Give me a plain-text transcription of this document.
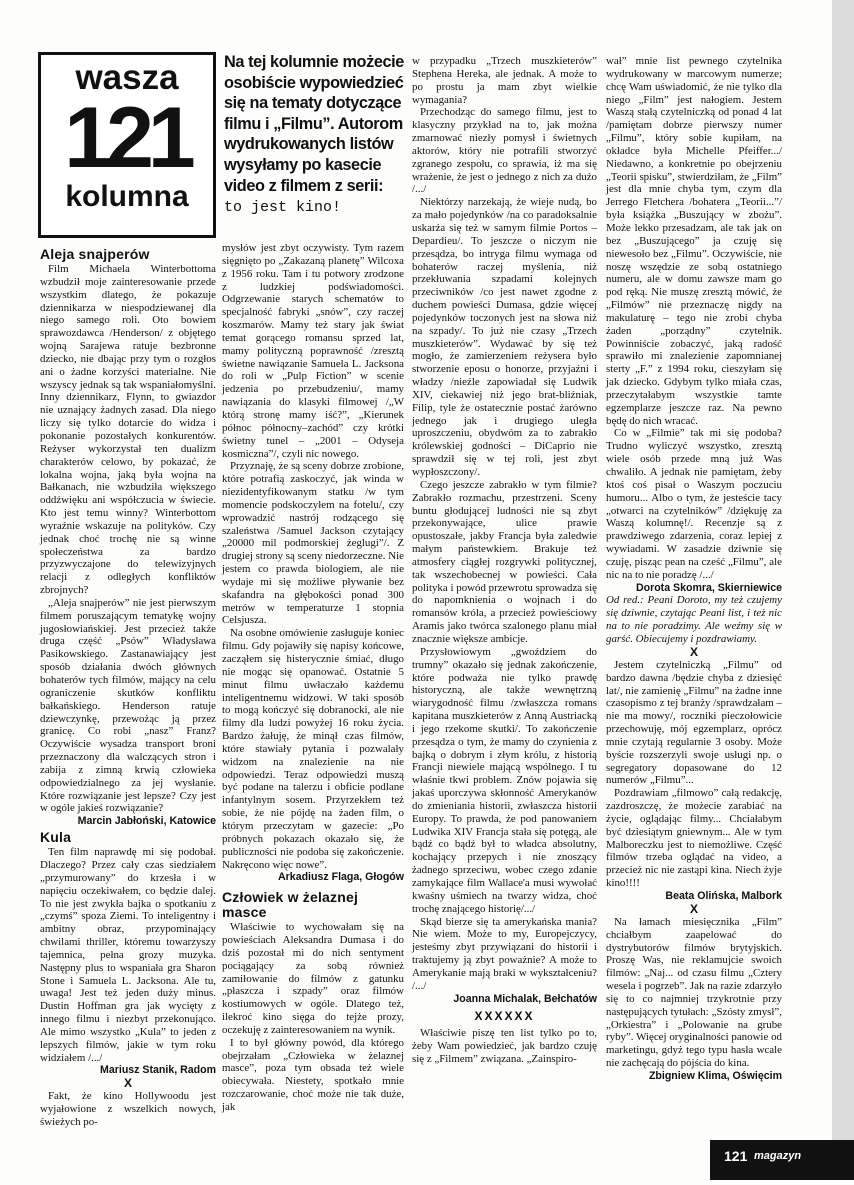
wasza
121
kolumna
Na tej kolumnie możecie osobiście wypowiedzieć się na tematy dotyczące filmu i „Filmu”. Autorom wydrukowanych listów wysyłamy po kasecie video z filmem z serii:
to jest kino!
Aleja snajperów

Film Michaela Winterbottoma wzbudził moje zainteresowanie przede wszystkim dlatego, że pokazuje dziennikarza w niespodziewanej dla niego samego roli. Oto bowiem sprawozdawca /Henderson/ z objętego wojną Sarajewa ratuje bezbronne dziecko, nie dbając przy tym o rozgłos ani o żadne korzyści materialne. Nie wszyscy jednak są tak wspaniałomyślni. Inny dziennikarz, Flynn, to gwiazdor nie uznający żadnych zasad. Dla niego liczy się tylko dotarcie do widza i pokonanie pozostałych konkurentów. Reżyser wykorzystał ten dualizm charakterów celowo, by pokazać, że lokalna wojna, jaką była wojna na Bałkanach, nie wzbudziła większego oddźwięku ani współczucia w świecie. Kto jest temu winny? Winterbottom wyraźnie wskazuje na polityków. Czy jednak choć trochę nie są winne społeczeństwa za bardzo przyzwyczajone do telewizyjnych relacji z odległych konfliktów zbrojnych?

„Aleja snajperów” nie jest pierwszym filmem poruszającym tematykę wojny jugosłowiańskiej. Jest przecież także druga część „Psów” Władysława Pasikowskiego. Zastanawiający jest sposób działania dwóch głównych bohaterów tych filmów, mający na celu ograniczenie skutków konfliktu bałkańskiego. Henderson ratuje dziewczynkę, przewożąc ją przez granicę. Co robi „nasz” Franz? Oczywiście wysadza transport broni przeznaczony dla walczących stron i zabija z zimną krwią człowieka odpowiedzialnego za jej wysłanie. Które rozwiązanie jest lepsze? Czy jest w ogóle jakieś rozwiązanie?

Marcin Jabłoński, Katowice

Kula

Ten film naprawdę mi się podobał. Dlaczego? Przez cały czas siedziałem „przymurowany” do krzesła i w napięciu oczekiwałem, co będzie dalej. To nie jest zwykła bajka o spotkaniu z „czymś” spoza Ziemi. To inteligentny i ambitny obraz, przypominający chwilami thriller, któremu towarzyszy tajemnica, pełna grozy muzyka. Następny plus to wspaniała gra Sharon Stone i Samuela L. Jacksona. Ale tu, uwaga! Jest też jeden duży minus. Dustin Hoffman gra jak wycięty z innego filmu i niezbyt przekonująco. Ale mimo wszystko „Kula” to jeden z lepszych filmów, jakie w tym roku widziałem /.../

Mariusz Stanik, Radom

X

Fakt, że kino Hollywoodu jest wyjałowione z wszelkich nowych, świeżych po-

mysłów jest zbyt oczywisty. Tym razem sięgnięto po „Zakazaną planetę” Wilcoxa z 1956 roku. Tam i tu potwory zrodzone z ludzkiej podświadomości. Odgrzewanie starych schematów to specjalność fabryki „snów”, czy raczej koszmarów. Mamy też stary jak świat temat gorącego romansu sprzed lat, mamy polityczną poprawność /zresztą świetne nawiązanie Samuela L. Jacksona do roli w „Pulp Fiction” w scenie jedzenia po przebudzeniu/, mamy nawiązania do klasyki filmowej /„W którą stronę mamy iść?”, „Kierunek północ północny–zachód” czy krótki świetny tunel – „2001 – Odyseja kosmiczna”/, czyli nic nowego.

Przyznaję, że są sceny dobrze zrobione, które potrafią zaskoczyć, jak winda w niezidentyfikowanym statku /w tym momencie podskoczyłem na fotelu/, czy wprowadzić nastrój rodzącego się szaleństwa /Samuel Jackson czytający „20000 mil podmorskiej żeglugi”/. Z drugiej strony są sceny niedorzeczne. Nie jestem co prawda biologiem, ale nie wydaje mi się możliwe pływanie bez skafandra na głębokości ponad 300 metrów w temperaturze 1 stopnia Celsjusza.

Na osobne omówienie zasługuje koniec filmu. Gdy pojawiły się napisy końcowe, zacząłem się histerycznie śmiać, długo nie mogąc się opanować. Ostatnie 5 minut filmu uwłaczało każdemu inteligentnemu widzowi. W taki sposób to mogą kończyć się dobranocki, ale nie filmy dla ludzi powyżej 16 roku życia. Bardzo żałuję, że minął czas filmów, które stawiały pytania i pozwalały widzom na znalezienie na nie odpowiedzi. Teraz odpowiedzi muszą być podane na talerzu i obficie podlane infantylnym sosem. Przyrzekłem też sobie, że nie pójdę na żaden film, o którym przeczytam w gazecie: „Po próbnych pokazach okazało się, że publiczności nie podoba się zakończenie. Nakręcono więc nowe”.

Arkadiusz Flaga, Głogów

Człowiek w żelaznej masce

Właściwie to wychowałam się na powieściach Aleksandra Dumasa i do dziś pozostał mi do nich sentyment pociągający za sobą również zamiłowanie do filmów z gatunku „płaszcza i szpady” oraz filmów kostiumowych w ogóle. Dlatego też, ilekroć kino sięga do tejże prozy, oczekuję z zainteresowaniem na wynik.

I to był główny powód, dla którego obejrzałam „Człowieka w żelaznej masce”, poza tym obsada też wiele obiecywała. Niestety, spotkało mnie rozczarowanie, choć może nie tak duże, jak

w przypadku „Trzech muszkieterów” Stephena Hereka, ale jednak. A może to po prostu ja mam zbyt wielkie wymagania?

Przechodząc do samego filmu, jest to klasyczny przykład na to, jak można zmarnować niezły pomysł i świetnych aktorów, który nie potrafili stworzyć zgranego zespołu, co sprawia, iż ma się wrażenie, że jest o jednego z nich za dużo /.../

Niektórzy narzekają, że wieje nudą, bo za mało pojedynków /na co paradoksalnie uskarża się też w samym filmie Portos – Depardieu/. To jeszcze o niczym nie przesądza, bo intryga filmu wymaga od bohaterów raczej myślenia, niż przekłuwania szpadami kolejnych przeciwników /co jest nawet zgodne z duchem powieści Dumasa, gdzie więcej pojedynków toczonych jest na słowa niż na szpady/. To już nie czasy „Trzech muszkieterów”. Wydawać by się też mogło, że zamierzeniem reżysera było stworzenie eposu o honorze, przyjaźni i władzy /nieźle zapowiadał się Ludwik XIV, ciekawiej niż jego brat-bliźniak, Filip, tyle że ostatecznie postać żarówno jednego jak i drugiego uległa uproszczeniu, obydwóm za to zabrakło królewskiej godności – DiCaprio nie sprawdził się w tej roli, jest zbyt wypłoszczony/.

Czego jeszcze zabrakło w tym filmie? Zabrakło rozmachu, przestrzeni. Sceny buntu głodującej ludności nie są zbyt przekonywające, ulice prawie opustoszałe, jakby Francja była zaledwie małym państewkiem. Brakuje też atmosfery ciągłej rozgrywki politycznej, tak wszechobecnej w powieści. Cała polityka i powód przewrotu sprowadza się do napomknienia o wojnach i do romansów króla, a przecież powieściowy Aramis jako twórca szalonego planu miał znacznie większe ambicje.

Przysłowiowym „gwoździem do trumny” okazało się jednak zakończenie, które podważa nie tylko prawdę historyczną, ale także wewnętrzną wiarygodność filmu /zwłaszcza romans kapitana muszkieterów z Anną Austriacką i jego rzekome skutki/. To zakończenie przesądza o tym, że mamy do czynienia z bajką o dobrym i złym królu, z historią Francji niewiele mającą wspólnego. I tu właśnie tkwi problem. Znów pojawia się jakaś uporczywa skłonność Amerykanów do zmieniania historii, zwłaszcza historii Europy. To prawda, że pod panowaniem Ludwika XIV Francja stała się potęgą, ale bądź co bądź był to władca absolutny, kochający przepych i nie znoszący żadnego sprzeciwu, wobec czego zdanie zamykające film Wallace'a musi wywołać kwaśny uśmiech na twarzy widza, choć trochę znającego historię/.../

Skąd bierze się ta amerykańska mania? Nie wiem. Może to my, Europejczycy, jesteśmy zbyt przywiązani do historii i traktujemy ją zbyt poważnie? A może to Amerykanie mają braki w wykształceniu? /.../

Joanna Michalak, Bełchatów

XXXXXX

Właściwie piszę ten list tylko po to, żeby Wam powiedzieć, jak bardzo czuję się z „Filmem” związana. „Zainspiro-

wał” mnie list pewnego czytelnika wydrukowany w marcowym numerze; chcę Wam uświadomić, że nie tylko dla niego „Film” jest nałogiem. Jestem Waszą stałą czytelniczką od ponad 4 lat /pamiętam dobrze pierwszy numer „Filmu”, który sobie kupiłam, na okładce była Michelle Pfeiffer.../ Niedawno, a konkretnie po obejrzeniu „Teorii spisku”, stwierdziłam, że „Film” jest dla mnie chyba tym, czym dla Jerrego Fletchera /bohatera „Teorii...”/ była książka „Buszujący w zbożu”. Może lekko przesadzam, ale tak jak on bez „Buszującego” ja czuję się niewesoło bez „Filmu”. Oczywiście, nie noszę wszędzie ze sobą ostatniego numeru, ale w domu zawsze mam go pod ręką. Nie muszę zresztą mówić, że „Filmów” nie przeznaczę nigdy na makulaturę – tego nie zrobi chyba żaden „porządny” czytelnik. Powinniście zobaczyć, jaką radość sprawiło mi znalezienie zapomnianej sterty „F.” z 1994 roku, cieszyłam się jak dziecko. Gdybym tylko miała czas, przeczytałabym wszystkie tamte egzemplarze jeszcze raz. Na pewno będę do nich wracać.

Co w „Filmie” tak mi się podoba? Trudno wyliczyć wszystko, zresztą wiele osób przede mną już Was chwaliło. A jednak nie pamiętam, żeby ktoś coś pisał o Waszym poczuciu humoru... Albo o tym, że jesteście tacy „otwarci na czytelników” /dziękuję za Waszą kolumnę!/. Recenzje są z prawdziwego zdarzenia, coraz lepiej z wywiadami. W zasadzie dziwnie się czuję, pisząc pean na cześć „Filmu”, ale nic na to nie poradzę /.../

Dorota Skomra, Skierniewice

Od red.: Peani Doroto, my też czujemy się dziwnie, czytając Peani list, i też nic na to nie poradzimy. Ale weźmy się w garść. Obiecujemy i pozdrawiamy.

X

Jestem czytelniczką „Filmu” od bardzo dawna /będzie chyba z dziesięć lat/, nie zamienię „Filmu” na żadne inne czasopismo z tej branży /sprawdzałam – nie ma mowy/, roczniki pieczołowicie przechowuję, mój egzemplarz, oprócz mnie czytają regularnie 3 osoby. Może byście rozszerzyli swoje usługi np. o segregatory dopasowane do 12 numerów „Filmu”...

Pozdrawiam „filmowo” całą redakcję, zazdroszczę, że możecie zarabiać na życie, oglądając filmy... Chciałabym być dziesiątym gniewnym... Ale w tym Malboreczku jest to niemożliwe. Część filmów trzeba oglądać na video, a przecież nic nie zastąpi kina. Niech żyje kino!!!!

Beata Olińska, Malbork

X

Na łamach miesięcznika „Film” chciałbym zaapelować do dystrybutorów filmów brytyjskich. Proszę Was, nie reklamujcie swoich filmów: „Naj... od czasu filmu „Cztery wesela i pogrzeb”. Jak na razie zdarzyło się to co najmniej trzykrotnie przy następujących tytułach: „Szósty zmysł”, „Orkiestra” i „Polowanie na grube ryby”. Więcej oryginalności panowie od marketingu, gdyż tego typu hasła wcale nie zachęcają do pójścia do kina.

Zbigniew Klima, Oświęcim

121 magazyn
